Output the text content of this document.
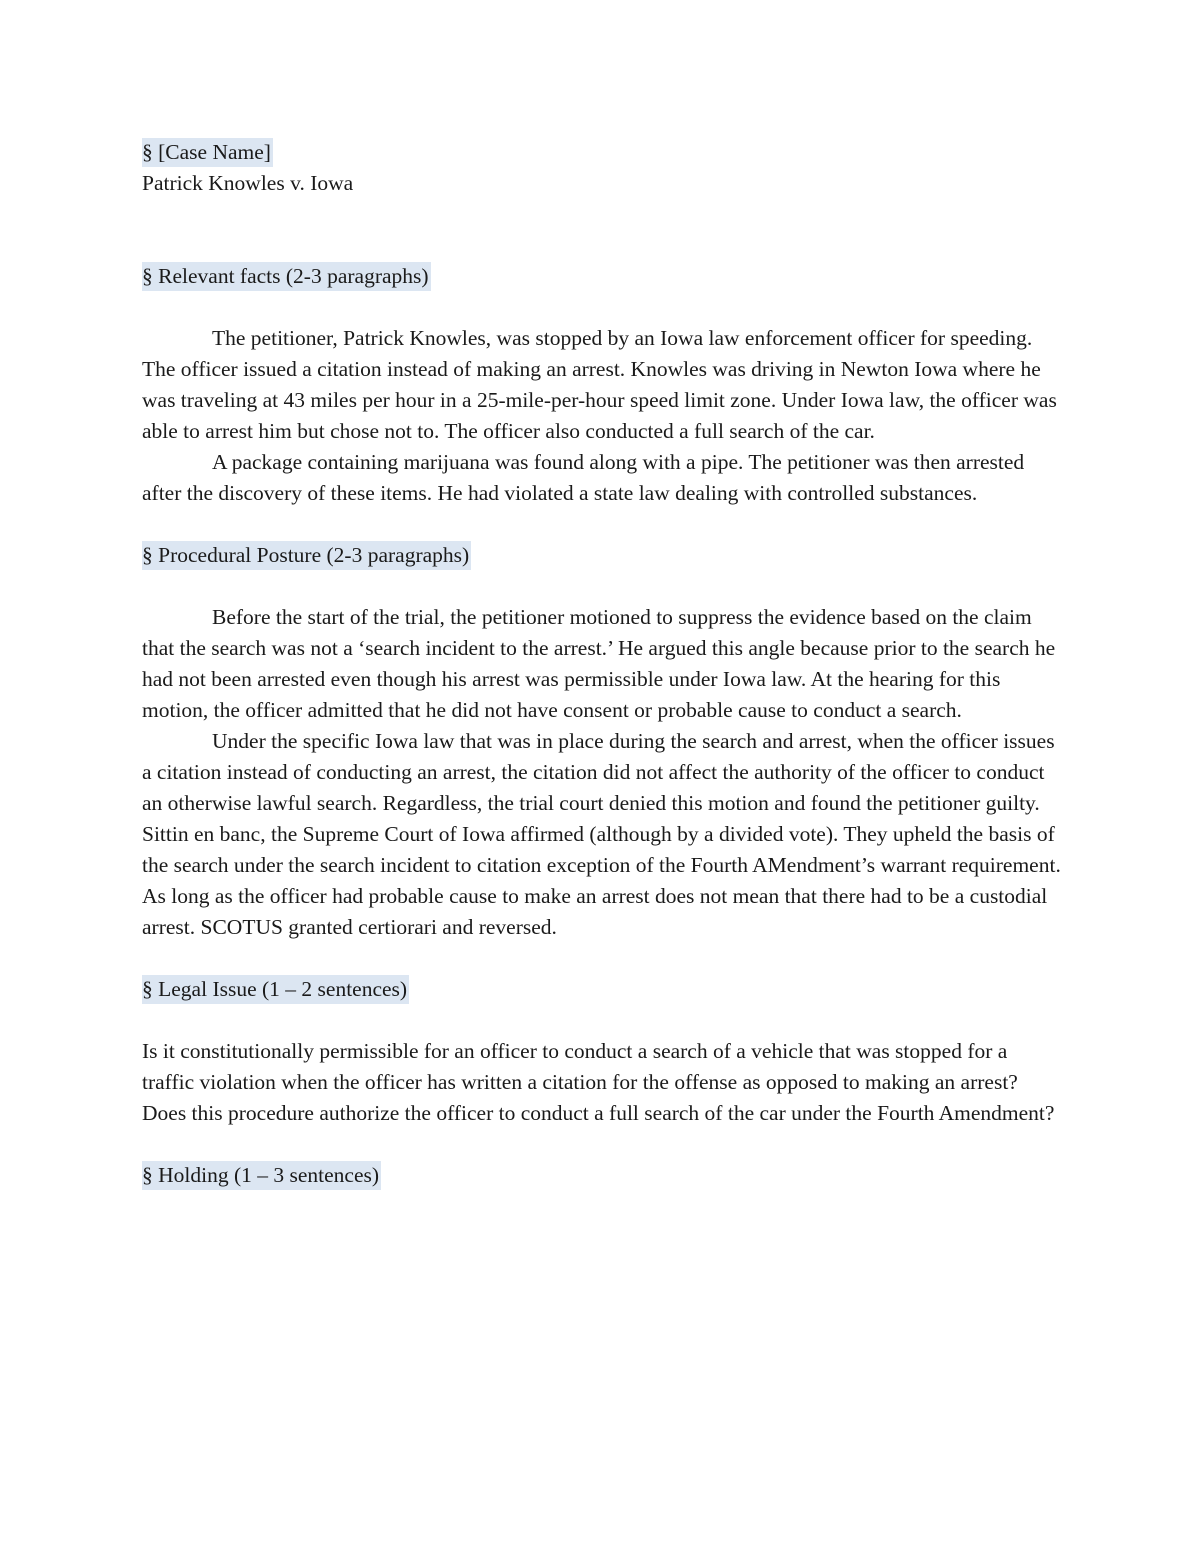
§ [Case Name]
Patrick Knowles v. Iowa
§ Relevant facts (2-3 paragraphs)

The petitioner, Patrick Knowles, was stopped by an Iowa law enforcement officer for speeding. The officer issued a citation instead of making an arrest. Knowles was driving in Newton Iowa where he was traveling at 43 miles per hour in a 25-mile-per-hour speed limit zone. Under Iowa law, the officer was able to arrest him but chose not to. The officer also conducted a full search of the car.

A package containing marijuana was found along with a pipe. The petitioner was then arrested after the discovery of these items. He had violated a state law dealing with controlled substances.

§ Procedural Posture (2-3 paragraphs)

Before the start of the trial, the petitioner motioned to suppress the evidence based on the claim that the search was not a ‘search incident to the arrest.’ He argued this angle because prior to the search he had not been arrested even though his arrest was permissible under Iowa law. At the hearing for this motion, the officer admitted that he did not have consent or probable cause to conduct a search.

Under the specific Iowa law that was in place during the search and arrest, when the officer issues a citation instead of conducting an arrest, the citation did not affect the authority of the officer to conduct an otherwise lawful search. Regardless, the trial court denied this motion and found the petitioner guilty. Sittin en banc, the Supreme Court of Iowa affirmed (although by a divided vote). They upheld the basis of the search under the search incident to citation exception of the Fourth AMendment’s warrant requirement. As long as the officer had probable cause to make an arrest does not mean that there had to be a custodial arrest. SCOTUS granted certiorari and reversed.

§ Legal Issue (1 – 2 sentences)

Is it constitutionally permissible for an officer to conduct a search of a vehicle that was stopped for a traffic violation when the officer has written a citation for the offense as opposed to making an arrest? Does this procedure authorize the officer to conduct a full search of the car under the Fourth Amendment?

§ Holding (1 – 3 sentences)
